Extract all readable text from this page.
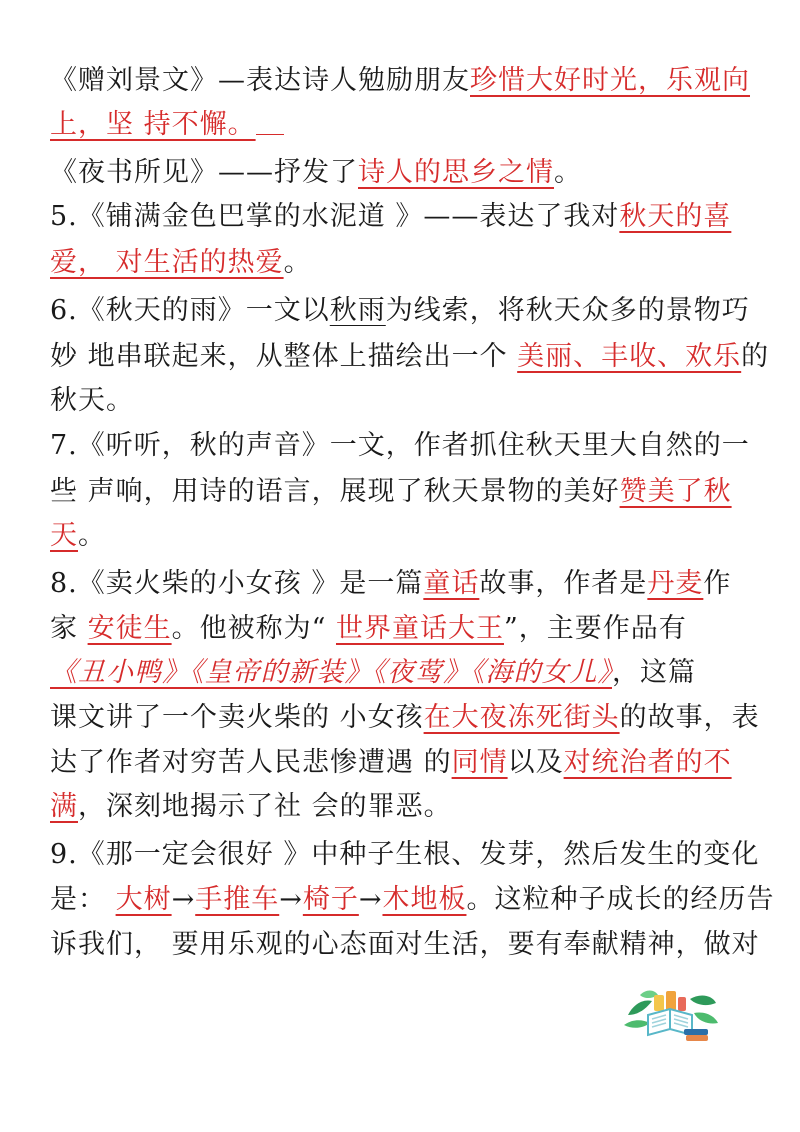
《赠刘景文》—表达诗人勉励朋友珍惜大好时光，乐观向
上，坚 持不懈。
《夜书所见》——抒发了诗人的思乡之情。
5.《铺满金色巴掌的水泥道 》——表达了我对秋天的喜
爱， 对生活的热爱。
6.《秋天的雨》一文以秋雨为线索，将秋天众多的景物巧
妙 地串联起来，从整体上描绘出一个 美丽、丰收、欢乐的
秋天。
7.《听听，秋的声音》一文，作者抓住秋天里大自然的一
些 声响，用诗的语言，展现了秋天景物的美好赞美了秋
天。
8.《卖火柴的小女孩 》是一篇童话故事，作者是丹麦作
家 安徒生。他被称为“ 世界童话大王”，主要作品有
《丑小鸭》《皇帝的新装》《夜莺》《海的女儿》，这篇
课文讲了一个卖火柴的 小女孩在大夜冻死街头的故事，表
达了作者对穷苦人民悲惨遭遇 的同情以及对统治者的不
满，深刻地揭示了社 会的罪恶。
9.《那一定会很好 》中种子生根、发芽，然后发生的变化
是： 大树→手推车→椅子→木地板。这粒种子成长的经历告
诉我们， 要用乐观的心态面对生活，要有奉献精神，做对
